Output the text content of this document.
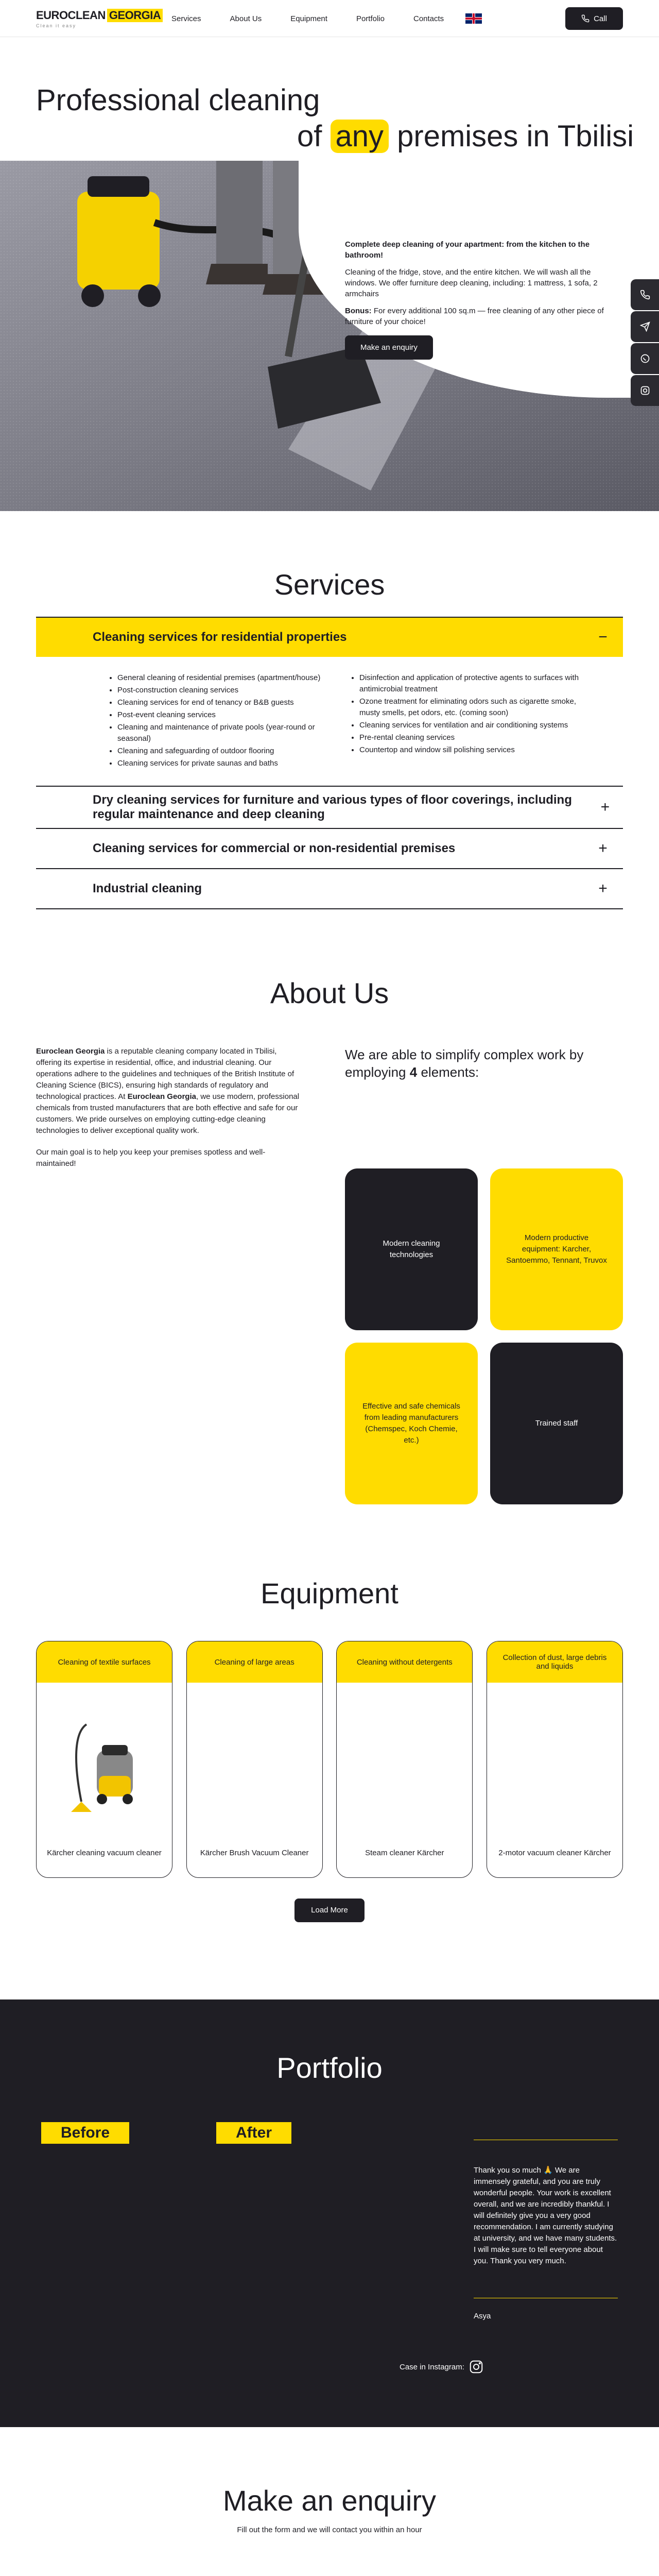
EUROCLEAN GEORGIA
Clean it easy
Services	About Us	Equipment	Portfolio	Contacts	Call
Professional cleaning
of any premises in Tbilisi

Complete deep cleaning of your apartment: from the kitchen to the bathroom!

Cleaning of the fridge, stove, and the entire kitchen. We will wash all the windows. We offer furniture deep cleaning, including: 1 mattress, 1 sofa, 2 armchairs

Bonus: For every additional 100 sq.m — free cleaning of any other piece of furniture of your choice!

Make an enquiry
Services
Cleaning services for residential properties	−
• General cleaning of residential premises (apartment/house)
• Post-construction cleaning services
• Cleaning services for end of tenancy or B&B guests
• Post-event cleaning services
• Cleaning and maintenance of private pools (year-round or seasonal)
• Cleaning and safeguarding of outdoor flooring
• Cleaning services for private saunas and baths
• Disinfection and application of protective agents to surfaces with antimicrobial treatment
• Ozone treatment for eliminating odors such as cigarette smoke, musty smells, pet odors, etc. (coming soon)
• Cleaning services for ventilation and air conditioning systems
• Pre-rental cleaning services
• Countertop and window sill polishing services
Dry cleaning services for furniture and various types of floor coverings, including regular maintenance and deep cleaning	+
Cleaning services for commercial or non-residential premises	+
Industrial cleaning	+
About Us

Euroclean Georgia is a reputable cleaning company located in Tbilisi, offering its expertise in residential, office, and industrial cleaning. Our operations adhere to the guidelines and techniques of the British Institute of Cleaning Science (BICS), ensuring high standards of regulatory and technological practices. At Euroclean Georgia, we use modern, professional chemicals from trusted manufacturers that are both effective and safe for our customers. We pride ourselves on employing cutting-edge cleaning technologies to deliver exceptional quality work.

Our main goal is to help you keep your premises spotless and well-maintained!

We are able to simplify complex work by employing 4 elements:
Modern cleaning technologies
Modern productive equipment: Karcher, Santoemmo, Tennant, Truvox
Effective and safe chemicals from leading manufacturers (Chemspec, Koch Chemie, etc.)
Trained staff
Equipment
Cleaning of textile surfaces
Kärcher cleaning vacuum cleaner
Cleaning of large areas
Kärcher Brush Vacuum Cleaner
Cleaning without detergents
Steam cleaner Kärcher
Collection of dust, large debris and liquids
2-motor vacuum cleaner Kärcher
Load More
Portfolio
Before	After

Thank you so much 🙏 We are immensely grateful, and you are truly wonderful people. Your work is excellent overall, and we are incredibly thankful. I will definitely give you a very good recommendation. I am currently studying at university, and we have many students. I will make sure to tell everyone about you. Thank you very much.

Asya
Case in Instagram:
Make an enquiry
Fill out the form and we will contact you within an hour
